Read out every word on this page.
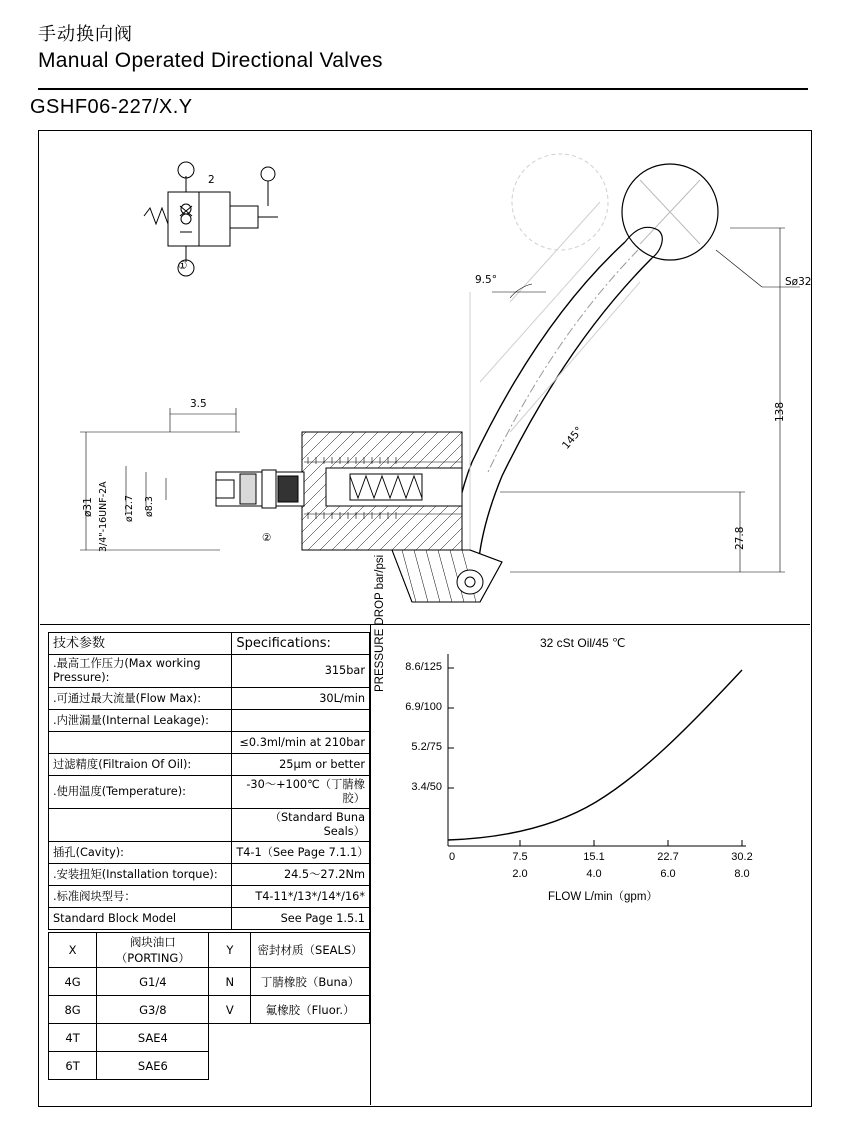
手动换向阀
Manual Operated Directional Valves
GSHF06-227/X.Y
2
①
Sø32
9.5°
145°
138
27.8
3.5
ø31 3/4"-16UNF-2A ø12.7 ø8.3
②
技术参数	Specifications:
.最高工作压力(Max working Pressure):	315bar
.可通过最大流量(Flow Max):	30L/min
.内泄漏量(Internal Leakage):	
	≤0.3ml/min at 210bar
过滤精度(Filtraion Of Oil):	25μm or better
.使用温度(Temperature):	-30～+100℃（丁腈橡胶）
	（Standard Buna Seals）
插孔(Cavity):	T4-1（See Page 7.1.1）
.安装扭矩(Installation torque):	24.5～27.2Nm
.标准阀块型号：	T4-11*/13*/14*/16*
Standard Block Model	See Page 1.5.1
X	阀块油口（PORTING）	Y	密封材质（SEALS）
4G	G1/4	N	丁腈橡胶（Buna）
8G	G3/8	V	氟橡胶（Fluor.）
4T	SAE4		
6T	SAE6		
32 cSt Oil/45 ℃
PRESSURE DROP bar/psi	8.6/125
6.9/100
5.2/75
3.4/50
0	7.5	15.1	22.7	30.2
2.0	4.0	6.0	8.0
FLOW L/min（gpm）
